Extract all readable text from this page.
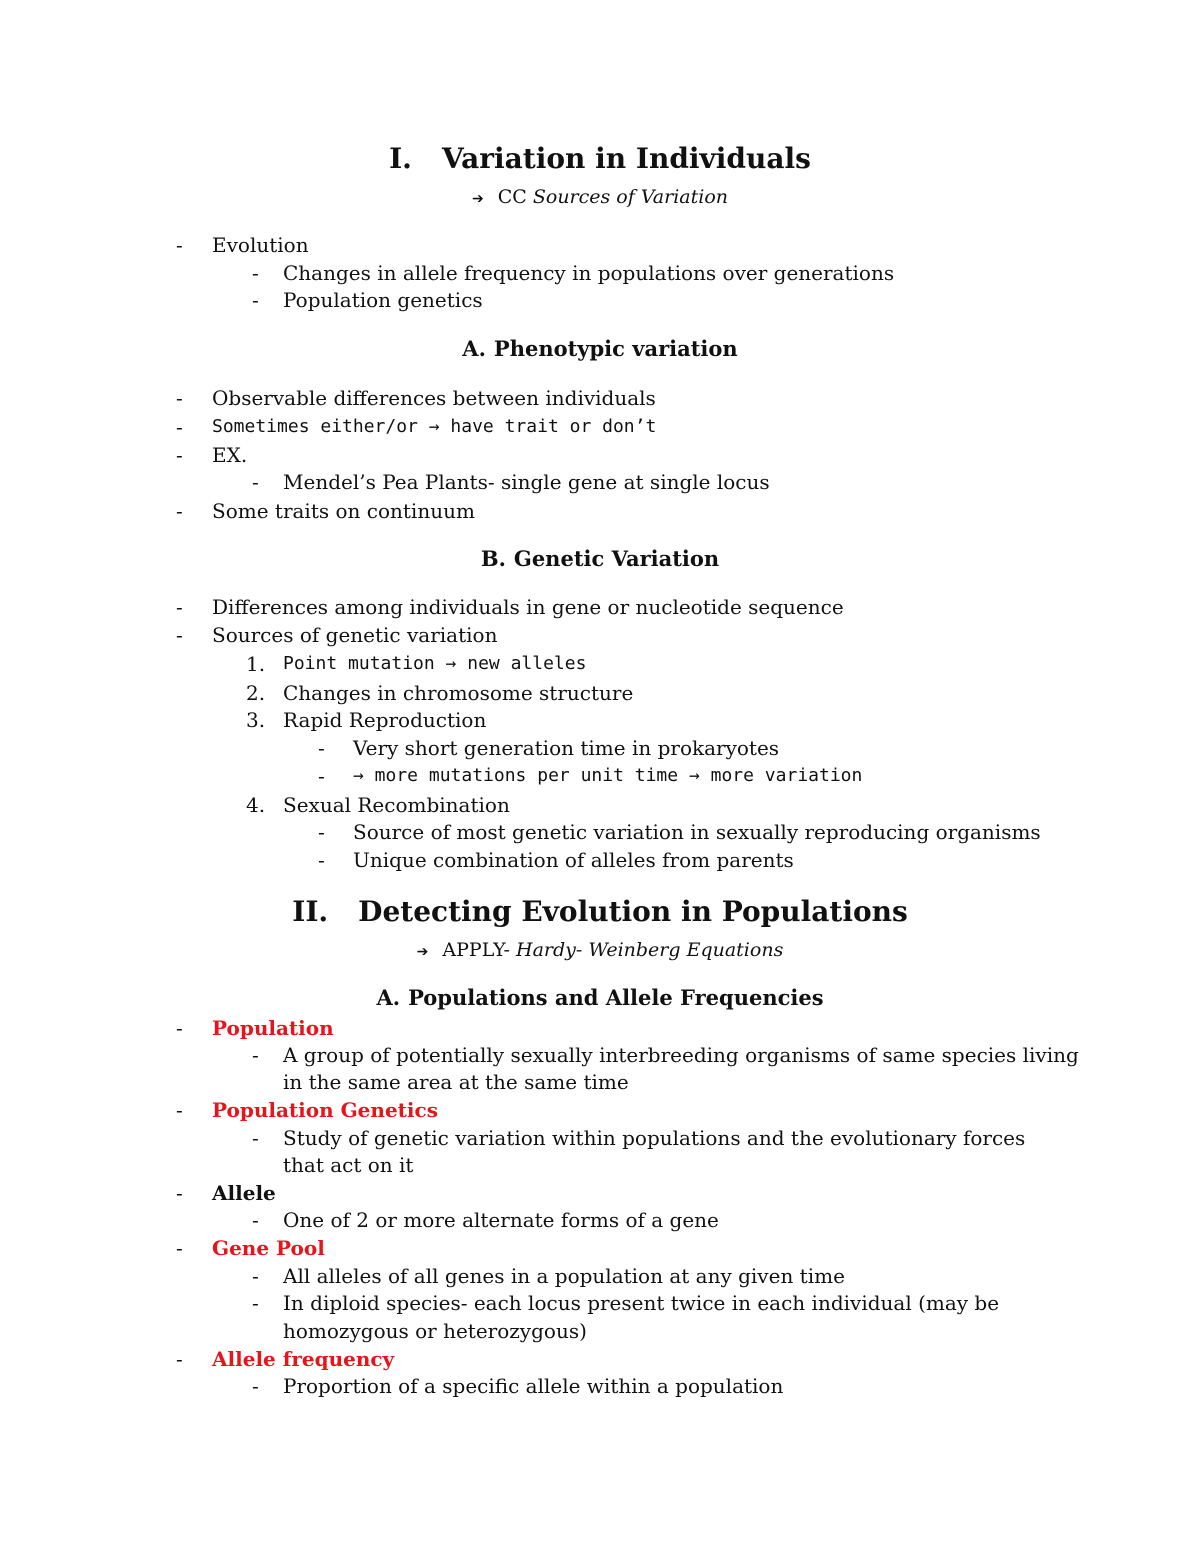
I. Variation in Individuals
➔ CC Sources of Variation
-	Evolution
-	Changes in allele frequency in populations over generations
-	Population genetics
A. Phenotypic variation
-	Observable differences between individuals
-	Sometimes either/or → have trait or don’t
-	EX.
-	Mendel’s Pea Plants- single gene at single locus
-	Some traits on continuum
B. Genetic Variation
-	Differences among individuals in gene or nucleotide sequence
-	Sources of genetic variation
1. Point mutation → new alleles
2. Changes in chromosome structure
3. Rapid Reproduction
-	Very short generation time in prokaryotes
-	→ more mutations per unit time → more variation
4. Sexual Recombination
-	Source of most genetic variation in sexually reproducing organisms
-	Unique combination of alleles from parents
II. Detecting Evolution in Populations
➔ APPLY- Hardy- Weinberg Equations
A. Populations and Allele Frequencies
-	Population
-	A group of potentially sexually interbreeding organisms of same species living
in the same area at the same time
-	Population Genetics
-	Study of genetic variation within populations and the evolutionary forces
that act on it
-	Allele
-	One of 2 or more alternate forms of a gene
-	Gene Pool
-	All alleles of all genes in a population at any given time
-	In diploid species- each locus present twice in each individual (may be
homozygous or heterozygous)
-	Allele frequency
-	Proportion of a specific allele within a population
